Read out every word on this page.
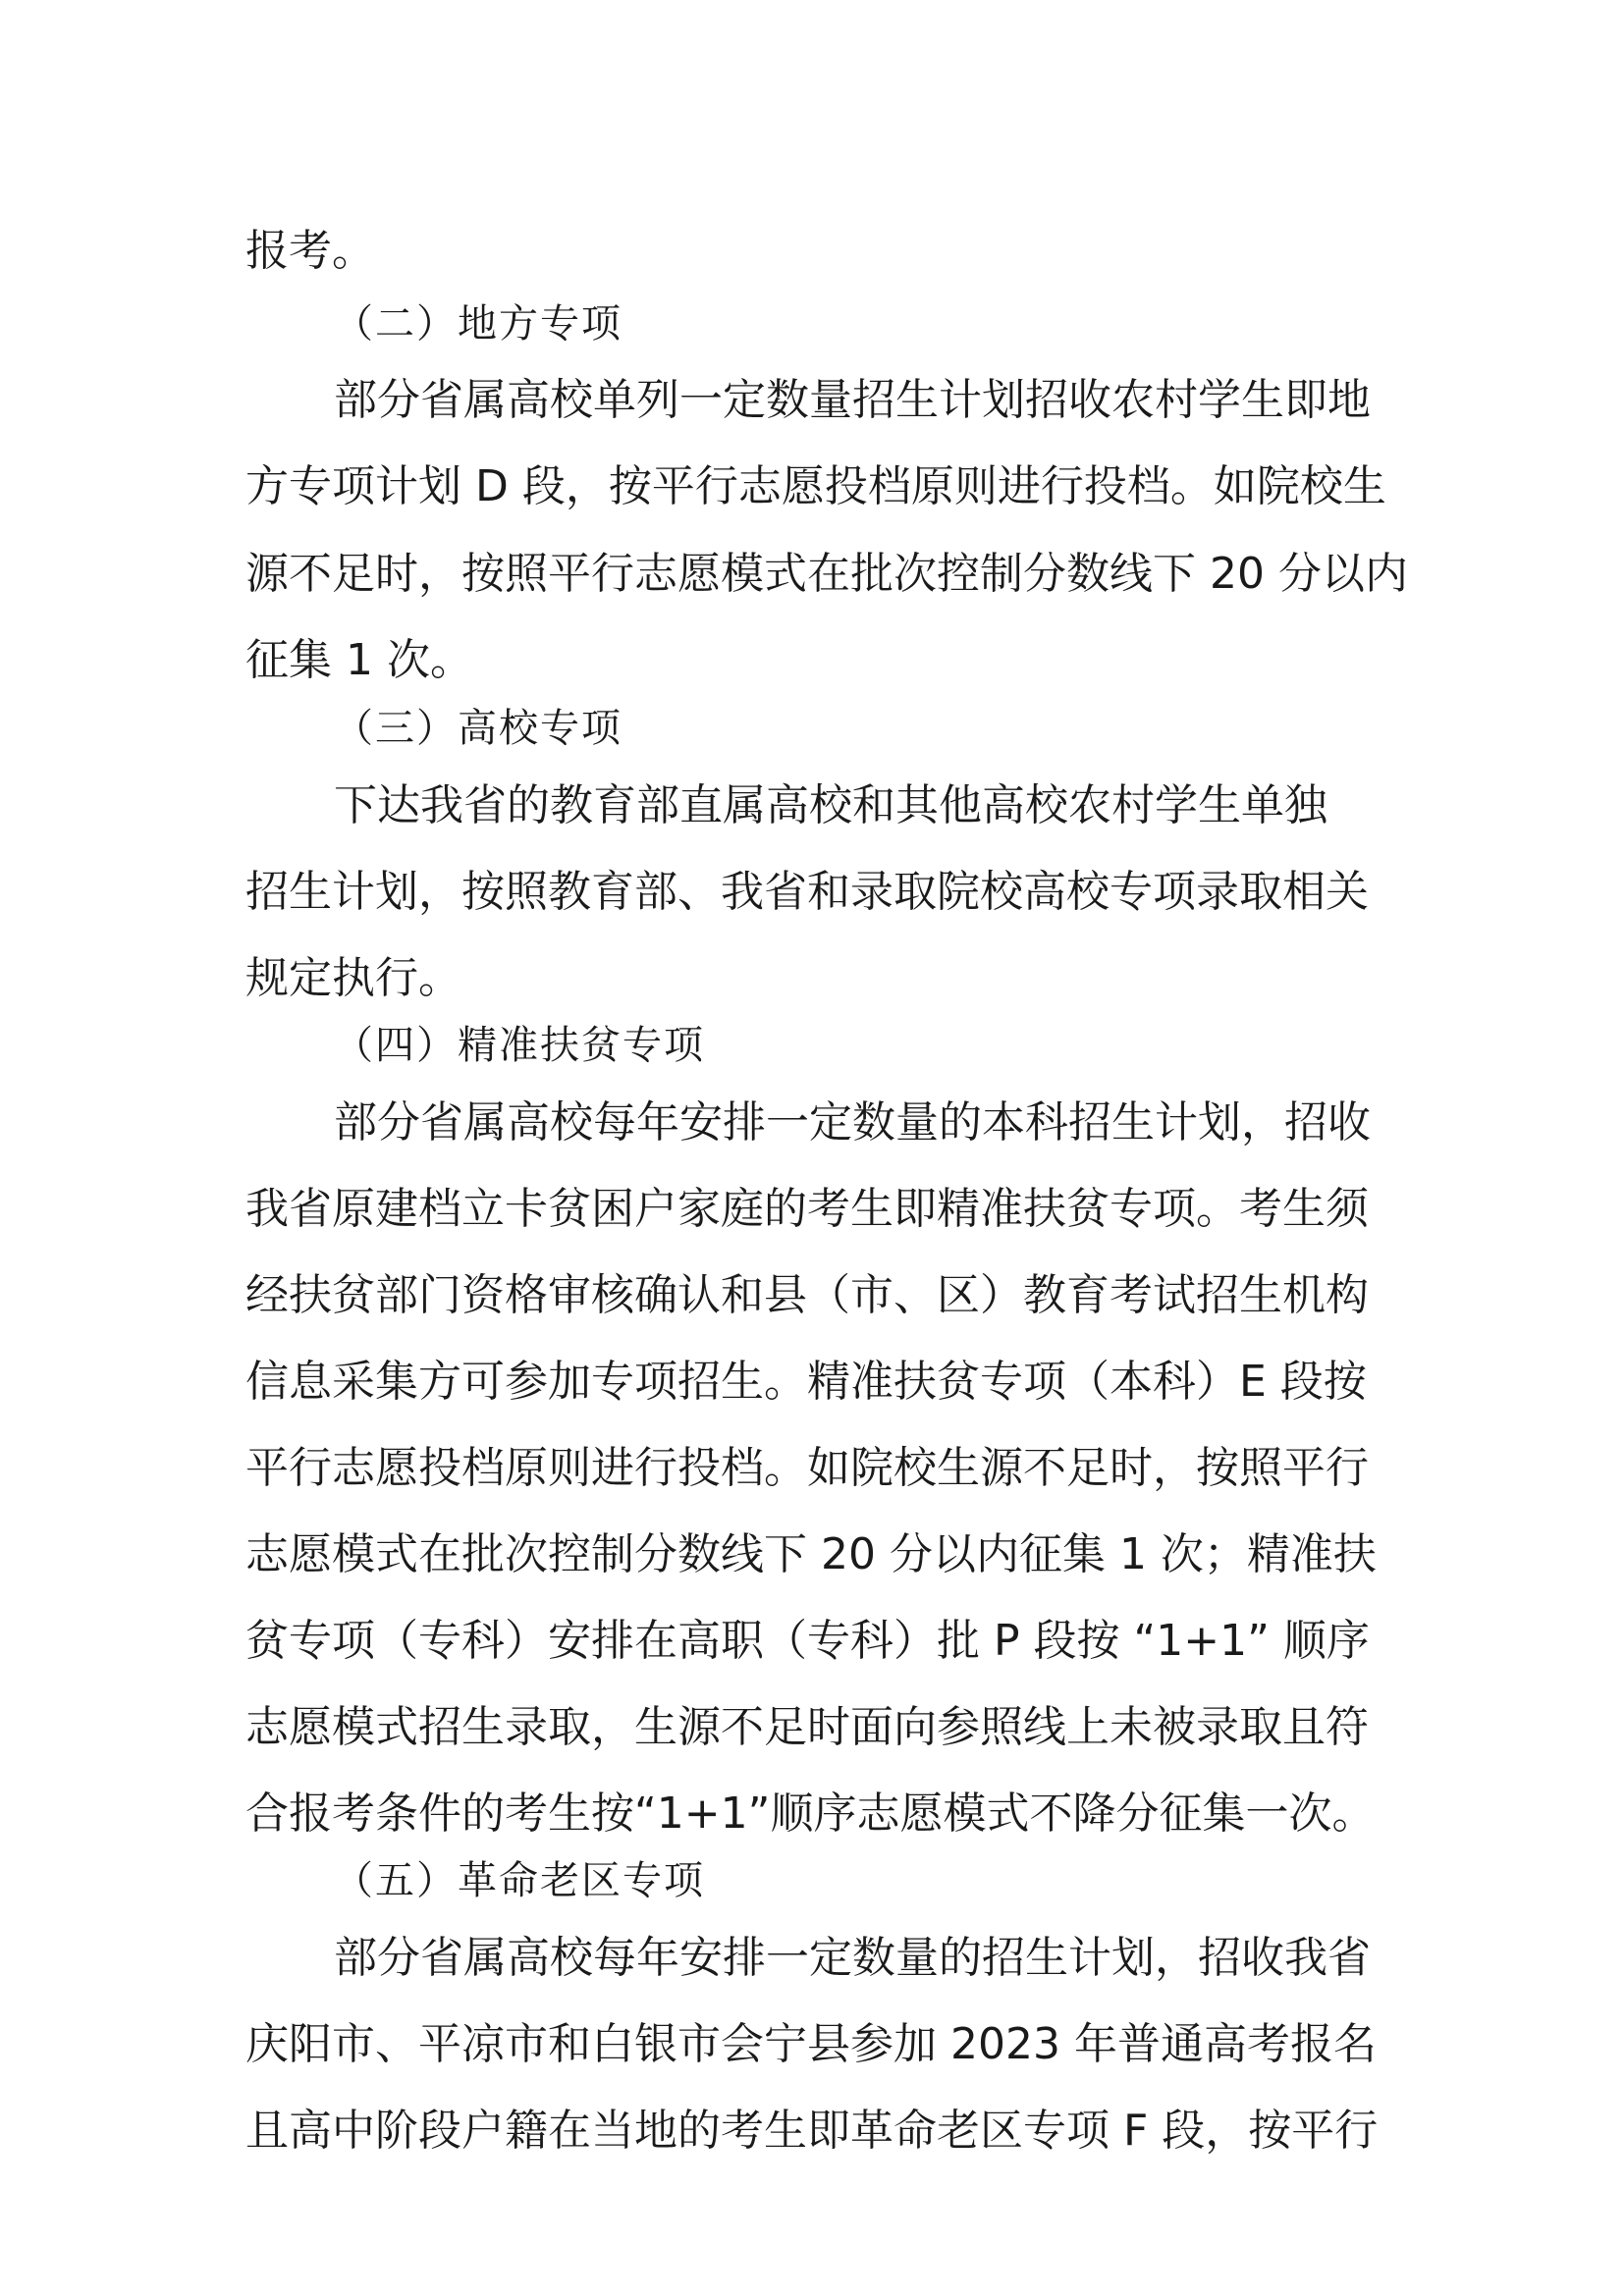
报考。
（二）地方专项
部分省属高校单列一定数量招生计划招收农村学生即地
方专项计划 D 段，按平行志愿投档原则进行投档。如院校生
源不足时，按照平行志愿模式在批次控制分数线下 20 分以内
征集 1 次。
（三）高校专项
下达我省的教育部直属高校和其他高校农村学生单独
招生计划，按照教育部、我省和录取院校高校专项录取相关
规定执行。
（四）精准扶贫专项
部分省属高校每年安排一定数量的本科招生计划，招收
我省原建档立卡贫困户家庭的考生即精准扶贫专项。考生须
经扶贫部门资格审核确认和县（市、区）教育考试招生机构
信息采集方可参加专项招生。精准扶贫专项（本科）E 段按
平行志愿投档原则进行投档。如院校生源不足时，按照平行
志愿模式在批次控制分数线下 20 分以内征集 1 次；精准扶
贫专项（专科）安排在高职（专科）批 P 段按 “1+1” 顺序
志愿模式招生录取，生源不足时面向参照线上未被录取且符
合报考条件的考生按“1+1”顺序志愿模式不降分征集一次。
（五）革命老区专项
部分省属高校每年安排一定数量的招生计划，招收我省
庆阳市、平凉市和白银市会宁县参加 2023 年普通高考报名
且高中阶段户籍在当地的考生即革命老区专项 F 段，按平行
